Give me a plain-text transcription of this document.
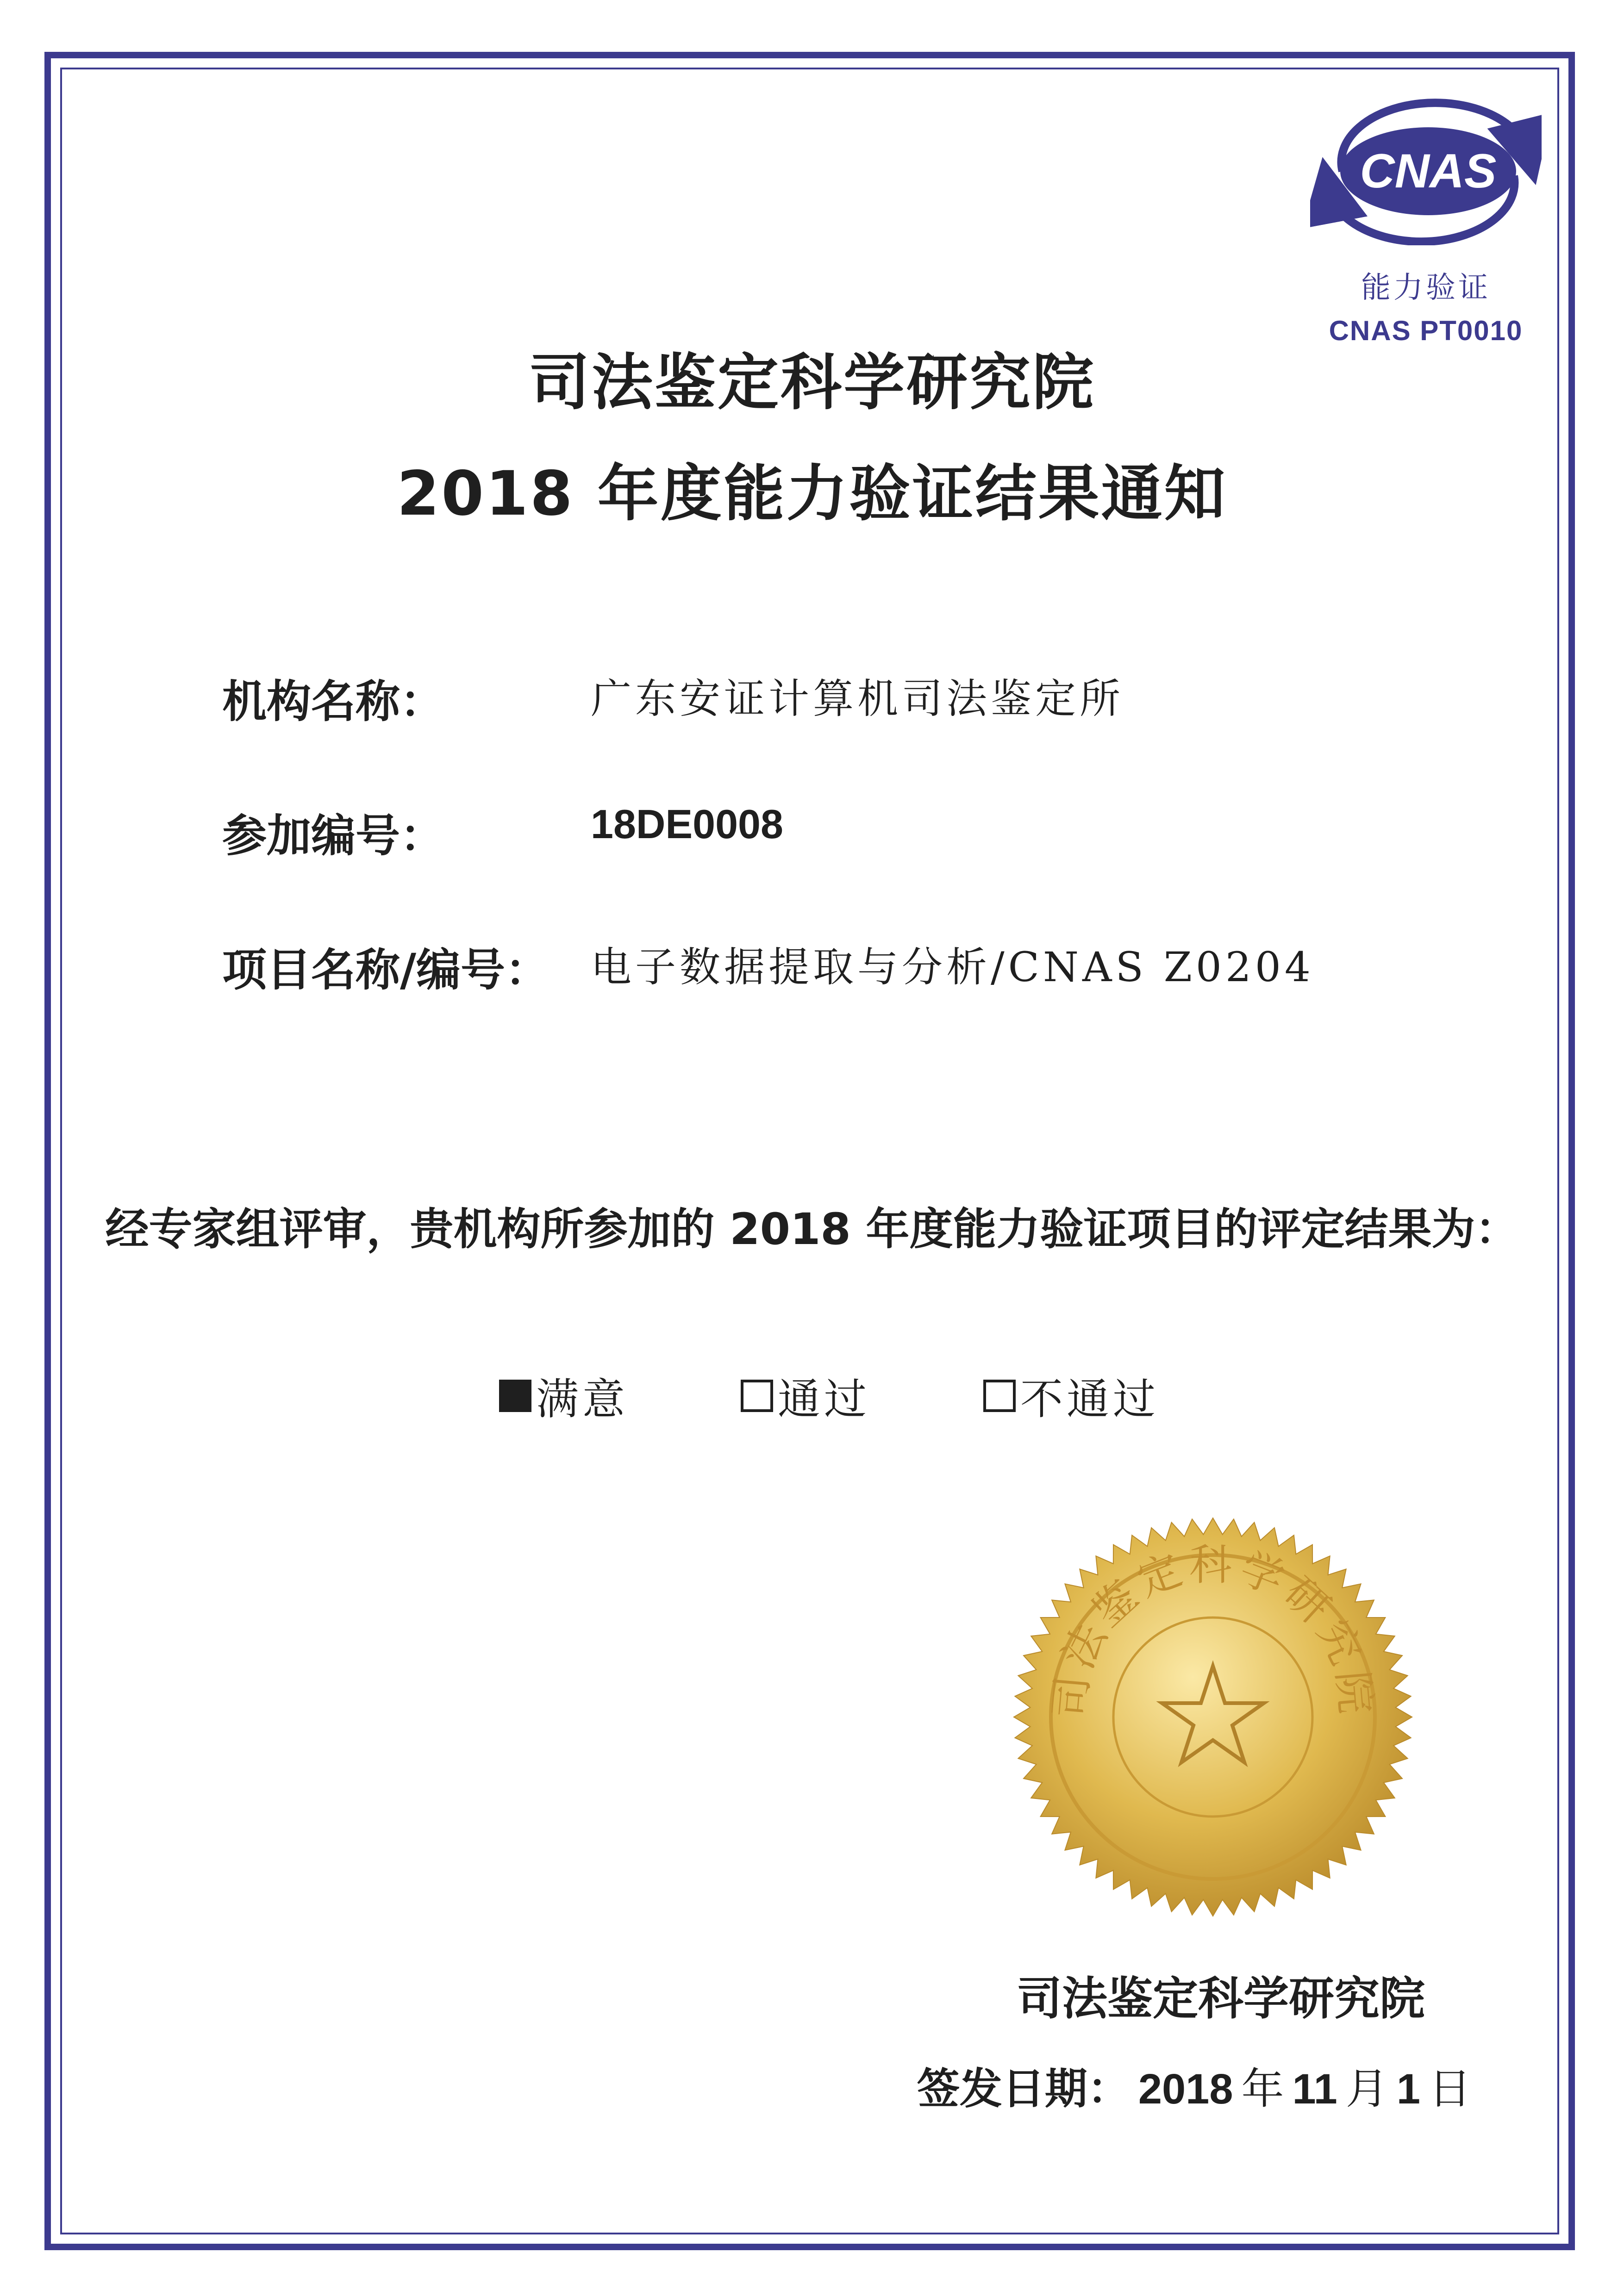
CNAS
能力验证
CNAS PT0010
司法鉴定科学研究院
2018 年度能力验证结果通知
机构名称：	广东安证计算机司法鉴定所
参加编号：	18DE0008
项目名称/编号： 电子数据提取与分析/CNAS Z0204
经专家组评审，贵机构所参加的 2018 年度能力验证项目的评定结果为：
满意	通过	不通过
司法鉴定科学研究院
司法鉴定科学研究院
签发日期： 2018 年 11 月 1 日
